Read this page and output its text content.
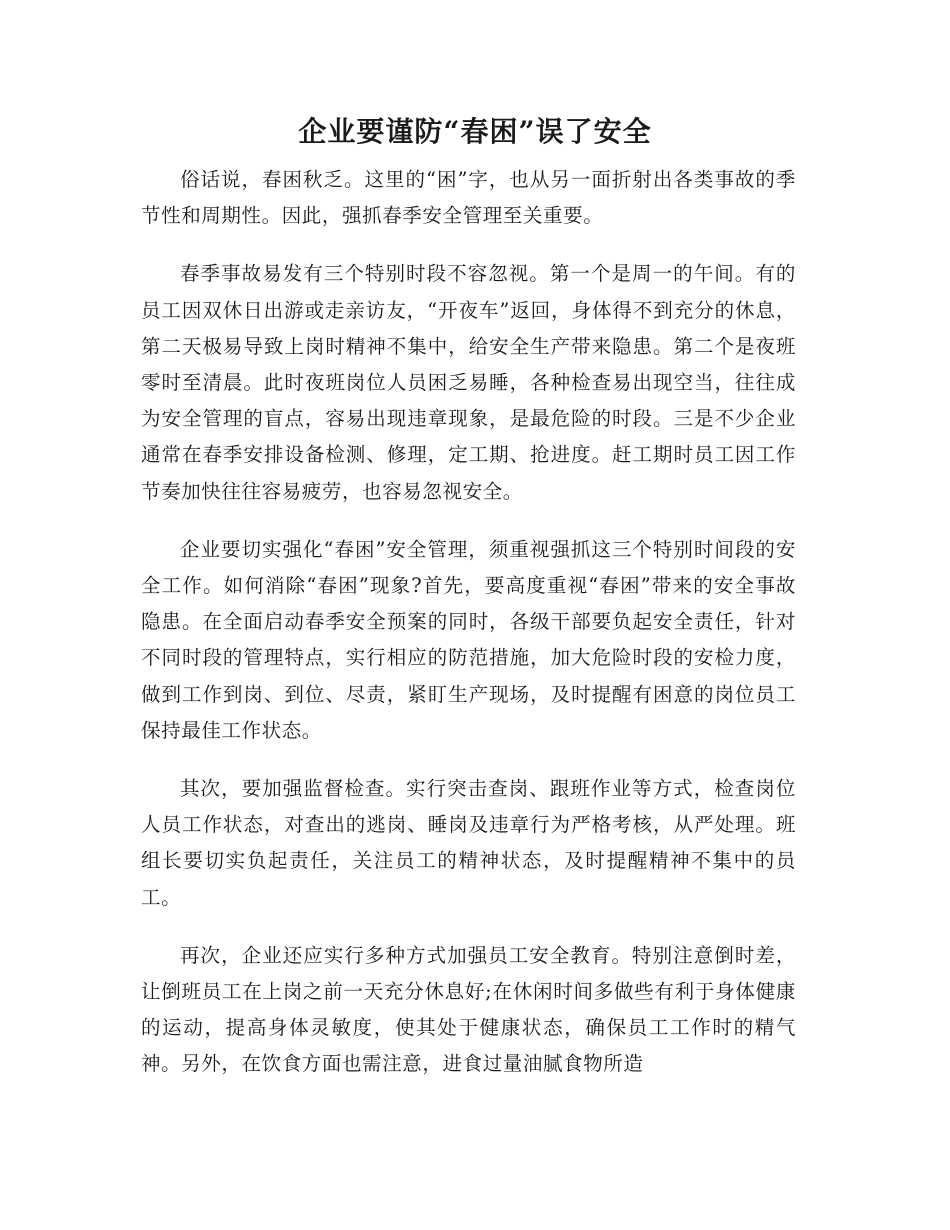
企业要谨防“春困”误了安全

俗话说，春困秋乏。这里的“困”字，也从另一面折射出各类事故的季节性和周期性。因此，强抓春季安全管理至关重要。

春季事故易发有三个特别时段不容忽视。第一个是周一的午间。有的员工因双休日出游或走亲访友，“开夜车”返回，身体得不到充分的休息，第二天极易导致上岗时精神不集中，给安全生产带来隐患。第二个是夜班零时至清晨。此时夜班岗位人员困乏易睡，各种检查易出现空当，往往成为安全管理的盲点，容易出现违章现象，是最危险的时段。三是不少企业通常在春季安排设备检测、修理，定工期、抢进度。赶工期时员工因工作节奏加快往往容易疲劳，也容易忽视安全。

企业要切实强化“春困”安全管理，须重视强抓这三个特别时间段的安全工作。如何消除“春困”现象?首先，要高度重视“春困”带来的安全事故隐患。在全面启动春季安全预案的同时，各级干部要负起安全责任，针对不同时段的管理特点，实行相应的防范措施，加大危险时段的安检力度，做到工作到岗、到位、尽责，紧盯生产现场，及时提醒有困意的岗位员工保持最佳工作状态。

其次，要加强监督检查。实行突击查岗、跟班作业等方式，检查岗位人员工作状态，对查出的逃岗、睡岗及违章行为严格考核，从严处理。班组长要切实负起责任，关注员工的精神状态，及时提醒精神不集中的员工。

再次，企业还应实行多种方式加强员工安全教育。特别注意倒时差，让倒班员工在上岗之前一天充分休息好;在休闲时间多做些有利于身体健康的运动，提高身体灵敏度，使其处于健康状态，确保员工工作时的精气神。另外，在饮食方面也需注意，进食过量油腻食物所造
